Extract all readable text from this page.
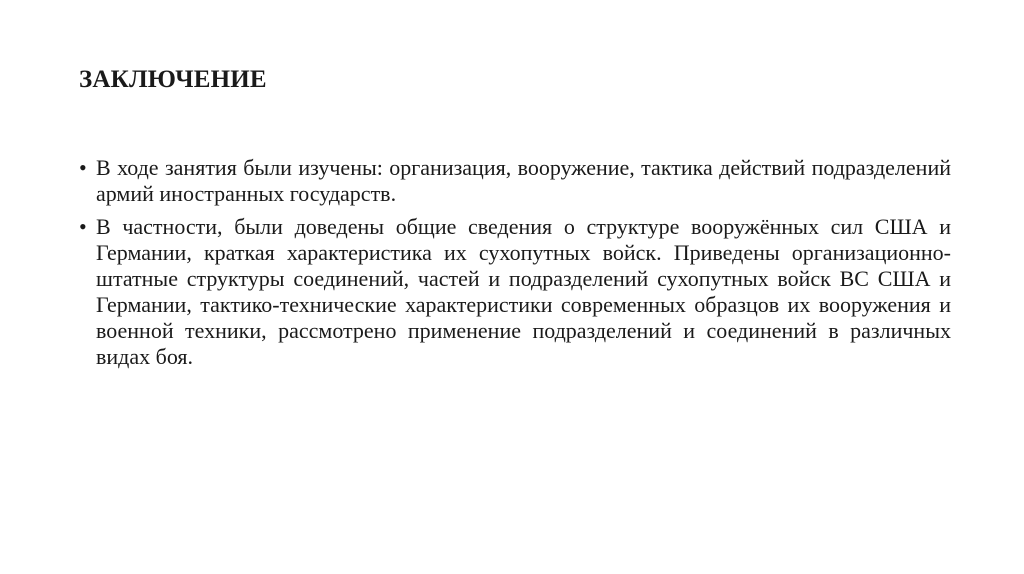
ЗАКЛЮЧЕНИЕ
• В ходе занятия были изучены: организация, вооружение, тактика действий подразделений армий иностранных государств.
• В частности, были доведены общие сведения о структуре вооружённых сил США и Германии, краткая характеристика их сухопутных войск. Приведены организационно-штатные структуры соединений, частей и подразделений сухопутных войск ВС США и Германии, тактико-технические характеристики современных образцов их вооружения и военной техники, рассмотрено применение подразделений и соединений в различных видах боя.
